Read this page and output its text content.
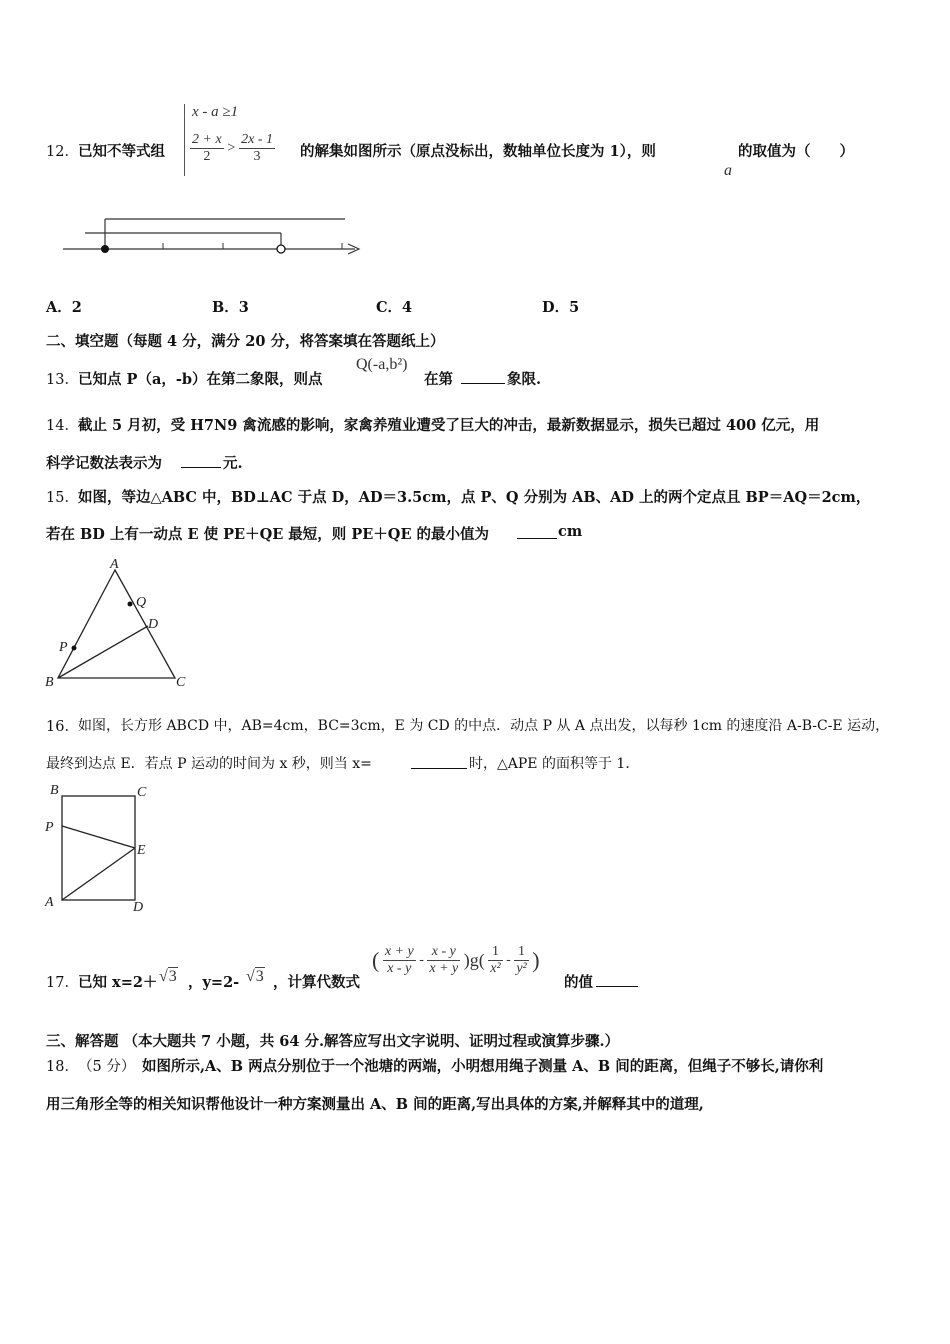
12． 已知不等式组
x - a ≥1
$\frac{2 + x}{2} > \frac{2x - 1}{3}$ 的解集如图所示（原点没标出，数轴单位长度为 1），则
a
的取值为（　　）
A．2	B．3	C．4	D．5
二、填空题（每题 4 分，满分 20 分，将答案填在答题纸上）
13． 已知点 P（a，-b）在第二象限，则点
Q(-a,b²)
在第	象限.
14． 截止 5 月初，受 H7N9 禽流感的影响，家禽养殖业遭受了巨大的冲击，最新数据显示，损失已超过 400 亿元，用
科学记数法表示为	元.
15． 如图，等边△ABC 中，BD⊥AC 于点 D，AD＝3.5cm，点 P、Q 分别为 AB、AD 上的两个定点且 BP＝AQ＝2cm，
若在 BD 上有一动点 E 使 PE＋QE 最短，则 PE＋QE 的最小值为	cm
A
Q
D
P
B	C
16． 如图，长方形 ABCD 中，AB=4cm，BC=3cm，E 为 CD 的中点．动点 P 从 A 点出发，以每秒 1cm 的速度沿 A-B-C-E 运动，
最终到达点 E．若点 P 运动的时间为 x 秒，则当 x=	时，△APE 的面积等于 1．
B	C
P
E
A	D
17． 已知 x=2＋ √3 ，y=2- √3 ，计算代数式
( $\frac{x + y}{x - y} - \frac{x - y}{x + y} )g( \frac{1}{\text{x²}} - \frac{1}{\text{y²}}$ )
的值
三、解答题 （本大题共 7 小题，共 64 分.解答应写出文字说明、证明过程或演算步骤.）
18． （5 分） 如图所示,A、B 两点分别位于一个池塘的两端，小明想用绳子测量 A、B 间的距离，但绳子不够长,请你利
用三角形全等的相关知识帮他设计一种方案测量出 A、B 间的距离,写出具体的方案,并解释其中的道理,
